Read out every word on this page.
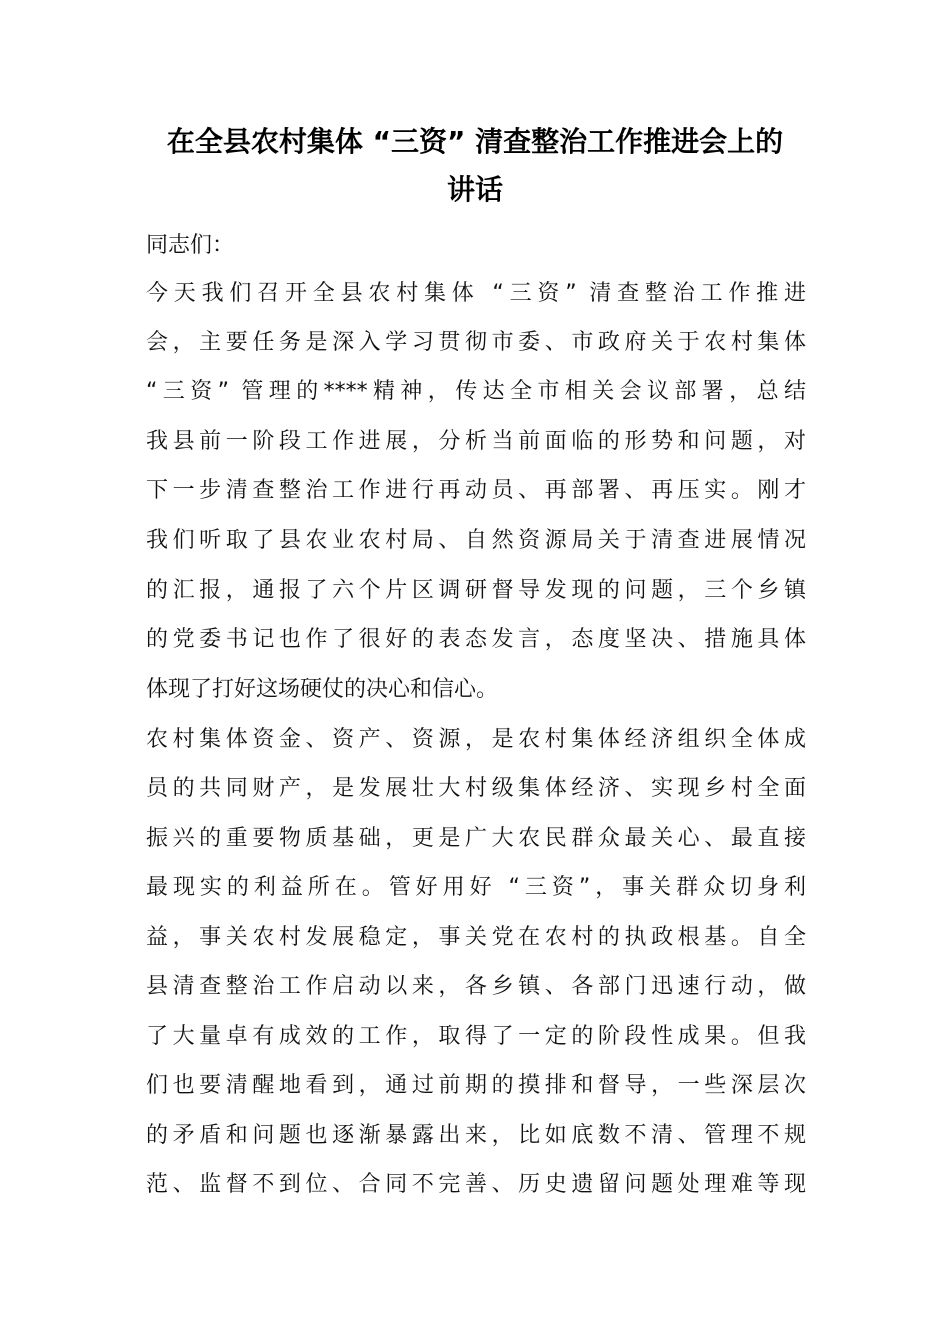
在全县农村集体 “三资” 清查整治工作推进会上的
讲话
同志们：
今天我们召开全县农村集体 “三资” 清查整治工作推进
会，主要任务是深入学习贯彻市委、市政府关于农村集体
“三资” 管理的****精神，传达全市相关会议部署，总结
我县前一阶段工作进展，分析当前面临的形势和问题，对
下一步清查整治工作进行再动员、再部署、再压实。刚才
我们听取了县农业农村局、自然资源局关于清查进展情况
的汇报，通报了六个片区调研督导发现的问题，三个乡镇
的党委书记也作了很好的表态发言，态度坚决、措施具体
体现了打好这场硬仗的决心和信心。
农村集体资金、资产、资源，是农村集体经济组织全体成
员的共同财产，是发展壮大村级集体经济、实现乡村全面
振兴的重要物质基础，更是广大农民群众最关心、最直接
最现实的利益所在。管好用好 “三资”，事关群众切身利
益，事关农村发展稳定，事关党在农村的执政根基。自全
县清查整治工作启动以来，各乡镇、各部门迅速行动，做
了大量卓有成效的工作，取得了一定的阶段性成果。但我
们也要清醒地看到，通过前期的摸排和督导，一些深层次
的矛盾和问题也逐渐暴露出来，比如底数不清、管理不规
范、监督不到位、合同不完善、历史遗留问题处理难等现
